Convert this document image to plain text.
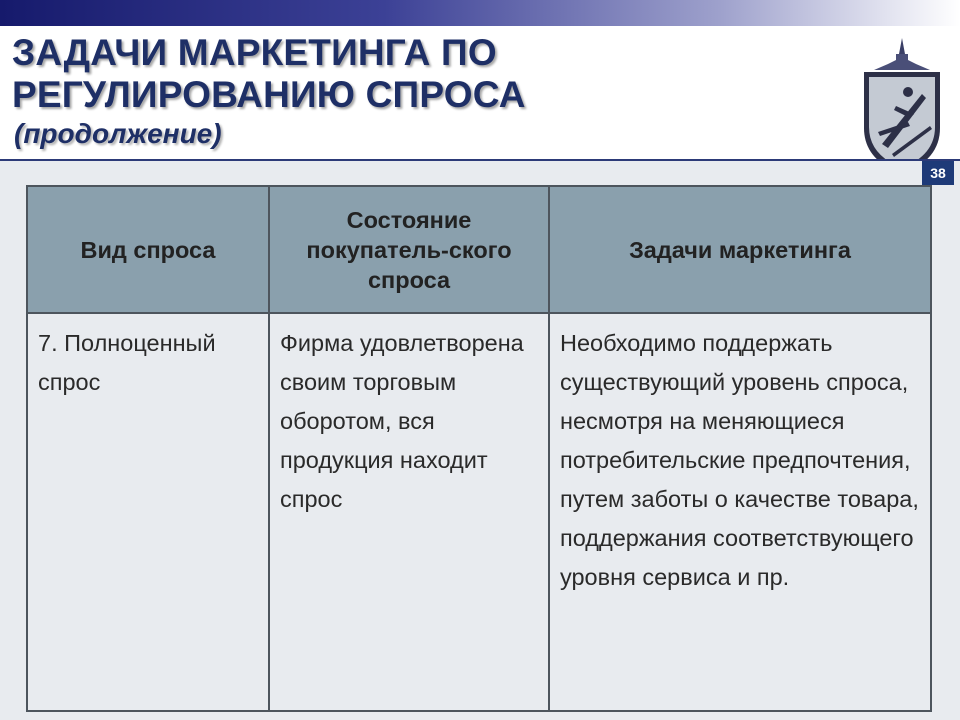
ЗАДАЧИ МАРКЕТИНГА ПО
РЕГУЛИРОВАНИЮ СПРОСА
(продолжение)
38
Вид спроса	Состояние покупатель-ского спроса	Задачи маркетинга
7. Полноценный спрос	Фирма удовлетворена своим торговым оборотом, вся продукция находит спрос	Необходимо поддержать существующий уровень спроса, несмотря на меняющиеся потребительские предпочтения, путем заботы о качестве товара, поддержания соответствующего уровня сервиса и пр.
